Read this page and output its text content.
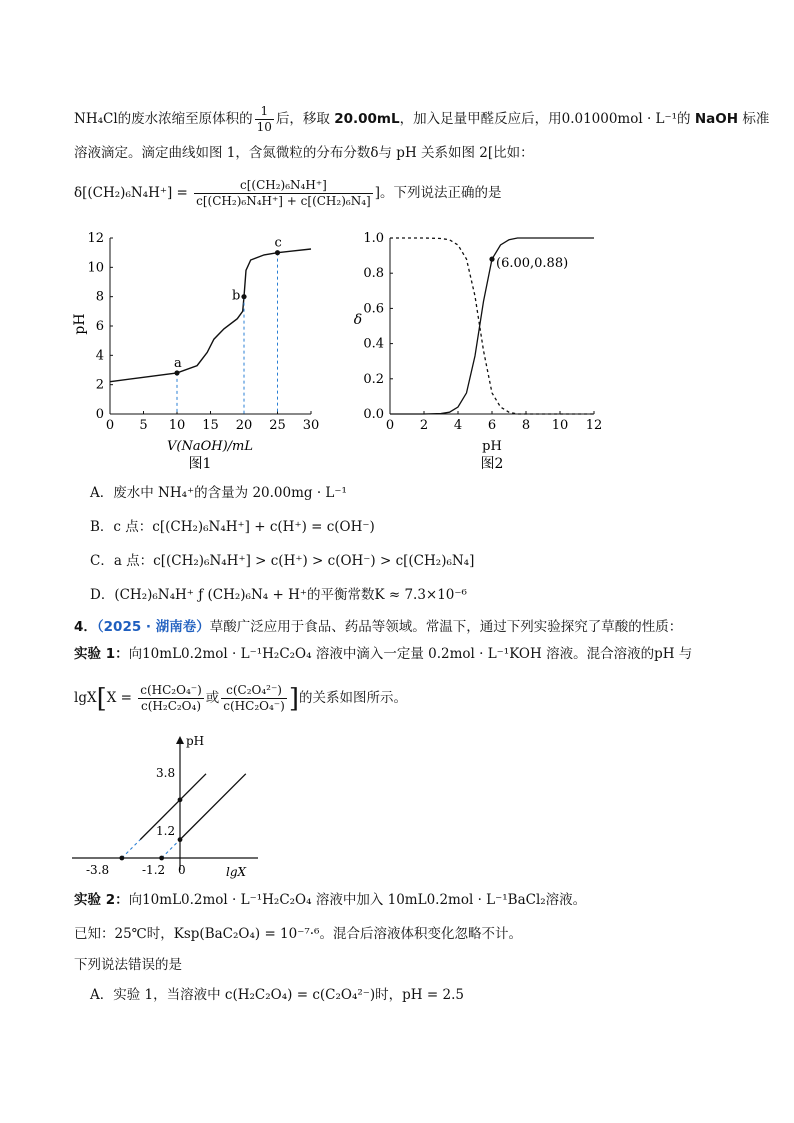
NH₄Cl的废水浓缩至原体积的 $\frac{1}{10}$ 后，移取 20.00mL，加入足量甲醛反应后，用0.01000mol · L⁻¹的 NaOH 标准
溶液滴定。滴定曲线如图 1，含氮微粒的分布分数δ与 pH 关系如图 2[比如：
$\delta[(CH_2)_6N_4H^+] = \frac{\text{c[(CH₂)₆N₄H⁺]}}{\text{c[(CH₂)₆N₄H⁺] + c[(CH₂)₆N₄]}}$ ]。下列说法正确的是
0 5 10 15 20 25 30
0
2
4
6
8
10
12
a
b
c
pH
V(NaOH)/mL
图1
0 2 4 6 8 10 12
0.0
0.2
0.4
0.6
0.8
1.0
δ
pH
图2
(6.00,0.88)
A．废水中 NH₄⁺的含量为 20.00mg · L⁻¹
B．c 点：c[(CH₂)₆N₄H⁺] + c(H⁺) = c(OH⁻)
C．a 点：c[(CH₂)₆N₄H⁺] > c(H⁺) > c(OH⁻) > c[(CH₂)₆N₄]
D．(CH₂)₆N₄H⁺ ƒ (CH₂)₆N₄ + H⁺的平衡常数K ≈ 7.3×10⁻⁶
4．（2025 · 湖南卷）草酸广泛应用于食品、药品等领域。常温下，通过下列实验探究了草酸的性质：
实验 1：向10mL0.2mol · L⁻¹H₂C₂O₄ 溶液中滴入一定量 0.2mol · L⁻¹KOH 溶液。混合溶液的pH 与
$\lg X[X = \frac{\text{c(HC₂O₄⁻)}}{\text{c(H₂C₂O₄)}}$ 或 $\frac{\text{c(C₂O₄²⁻)}}{\text{c(HC₂O₄⁻)}}$ ]的关系如图所示。
pH
lgX
3.8
1.2
-3.8	-1.2 0
实验 2：向10mL0.2mol · L⁻¹H₂C₂O₄ 溶液中加入 10mL0.2mol · L⁻¹BaCl₂溶液。
已知：25℃时，Ksp(BaC₂O₄) = 10⁻⁷·⁶。混合后溶液体积变化忽略不计。
下列说法错误的是
A．实验 1，当溶液中 c(H₂C₂O₄) = c(C₂O₄²⁻)时，pH = 2.5
